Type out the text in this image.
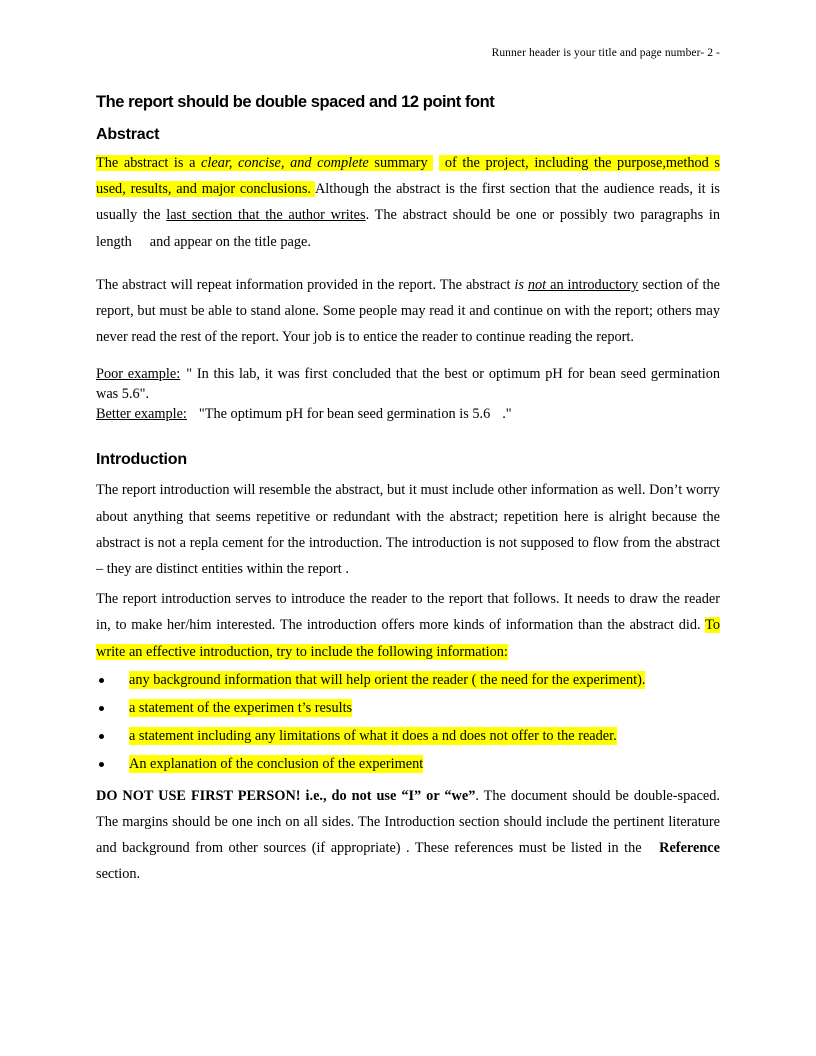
Runner header is your title and page number- 2 -
The report should be double spaced and 12 point font
Abstract

The abstract is a clear, concise, and complete summary  of the project, including the purpose,method s used, results, and major conclusions. Although the abstract is the first section that the audience reads, it is usually the last section that the author writes. The abstract should be one or possibly two paragraphs in length and appear on the title page.

The abstract will repeat information provided in the report. The abstract is not an introductory section of the report, but must be able to stand alone. Some people may read it and continue on with the report; others may never read the rest of the report. Your job is to entice the reader to continue reading the report.

Poor example: " In this lab, it was first concluded that the best or optimum pH for bean seed germination was 5.6".

Better example: "The optimum pH for bean seed germination is 5.6 ."

Introduction

The report introduction will resemble the abstract, but it must include other information as well. Don’t worry about anything that seems repetitive or redundant with the abstract; repetition here is alright because the abstract is not a repla cement for the introduction. The introduction is not supposed to flow from the abstract – they are distinct entities within the report .

The report introduction serves to introduce the reader to the report that follows. It needs to draw the reader in, to make her/him interested. The introduction offers more kinds of information than the abstract did. To write an effective introduction, try to include the following information:

any background information that will help orient the reader ( the need for the experiment).
a statement of the experimen t’s results
a statement including any limitations of what it does a nd does not offer to the reader.
An explanation of the conclusion of the experiment

DO NOT USE FIRST PERSON! i.e., do not use “I” or “we”. The document should be double-spaced. The margins should be one inch on all sides. The Introduction section should include the pertinent literature and background from other sources (if appropriate) . These references must be listed in the Reference section.
